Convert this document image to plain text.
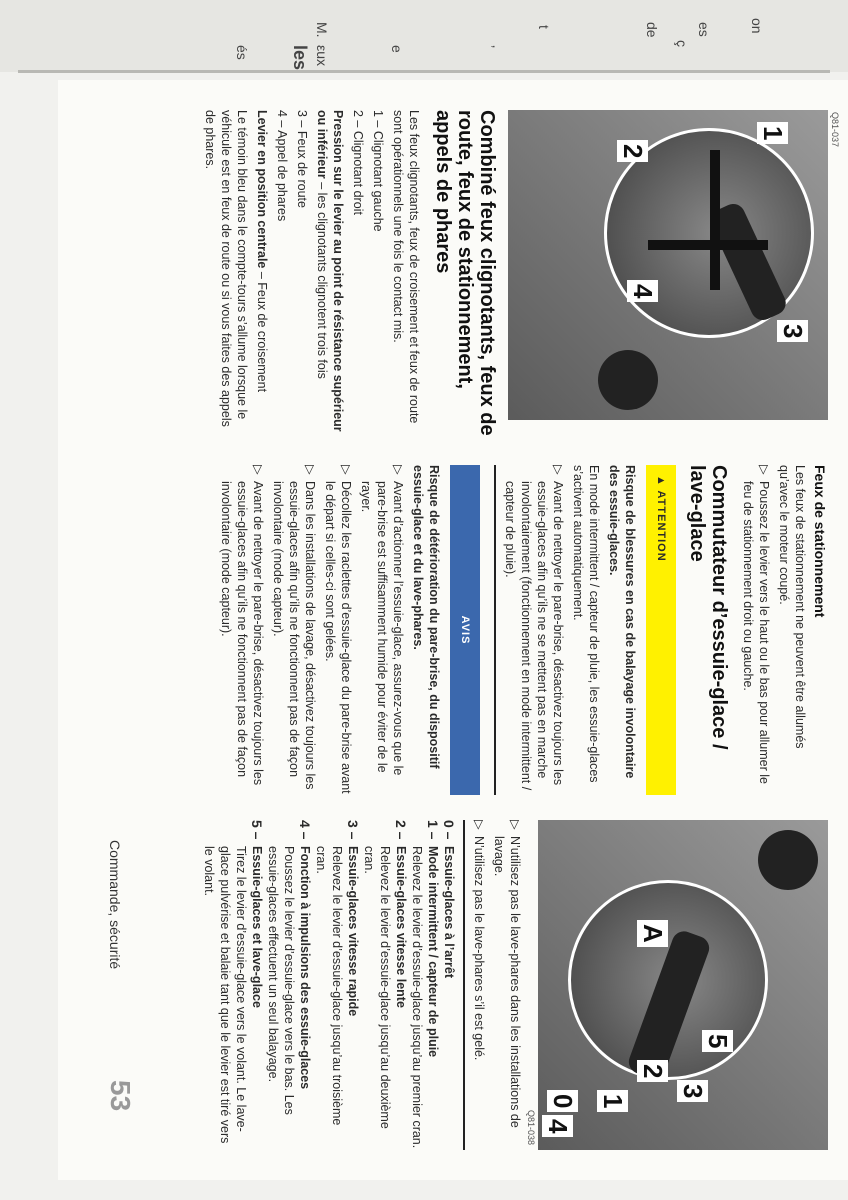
on
es
ç
de
t
’
M.
εux	e
les
és
1
2
3
4
Q81-037
Combiné feux clignotants, feux de route, feux de stationnement, appels de phares

Les feux clignotants, feux de croisement et feux de route sont opérationnels une fois le contact mis.

1 – Clignotant gauche

2 – Clignotant droit

Pression sur le levier au point de résistance supérieur ou inférieur – les clignotants clignotent trois fois

3 – Feux de route

4 – Appel de phares

Levier en position centrale – Feux de croisement

Le témoin bleu dans le compte-tours s’allume lorsque le véhicule est en feux de route ou si vous faites des appels de phares.

Feux de stationnement

Les feux de stationnement ne peuvent être allumés qu’avec le moteur coupé.

▷ Poussez le levier vers le haut ou le bas pour allumer le feu de stationnement droit ou gauche.

Commutateur d’essuie-glace / lave-glace
▲ ATTENTION

Risque de blessures en cas de balayage involontaire des essuie-glaces.

En mode intermittent / capteur de pluie, les essuie-glaces s’activent automatiquement.

▷ Avant de nettoyer le pare-brise, désactivez toujours les essuie-glaces afin qu’ils ne se mettent pas en marche involontairement (fonctionnement en mode intermittent / capteur de pluie).

AVIS

Risque de détérioration du pare-brise, du dispositif essuie-glace et du lave-phares.

▷ Avant d’actionner l’essuie-glace, assurez-vous que le pare-brise est suffisamment humide pour éviter de le rayer.

▷ Décollez les raclettes d’essuie-glace du pare-brise avant le départ si celles-ci sont gelées.

▷ Dans les installations de lavage, désactivez toujours les essuie-glaces afin qu’ils ne fonctionnent pas de façon involontaire (mode capteur).

▷ Avant de nettoyer le pare-brise, désactivez toujours les essuie-glaces afin qu’ils ne fonctionnent pas de façon involontaire (mode capteur).

A
0 1
2
3
4
5
Q81-038

▷ N’utilisez pas le lave-phares dans les installations de lavage.

▷ N’utilisez pas le lave-phares s’il est gelé.

0 –
Essuie-glaces à l’arrêt
1 –
Mode intermittent / capteur de pluie
Relevez le levier d’essuie-glace jusqu’au premier cran.
2 –
Essuie-glaces vitesse lente
Relevez le levier d’essuie-glace jusqu’au deuxième cran.
3 –
Essuie-glaces vitesse rapide
Relevez le levier d’essuie-glace jusqu’au troisième cran.
4 –
Fonction à impulsions des essuie-glaces
Poussez le levier d’essuie-glace vers le bas. Les essuie-glaces effectuent un seul balayage.
5 –
Essuie-glaces et lave-glace
Tirez le levier d’essuie-glace vers le volant. Le lave-glace pulvérise et balaie tant que le levier est tiré vers le volant.
Commande, sécurité
53
